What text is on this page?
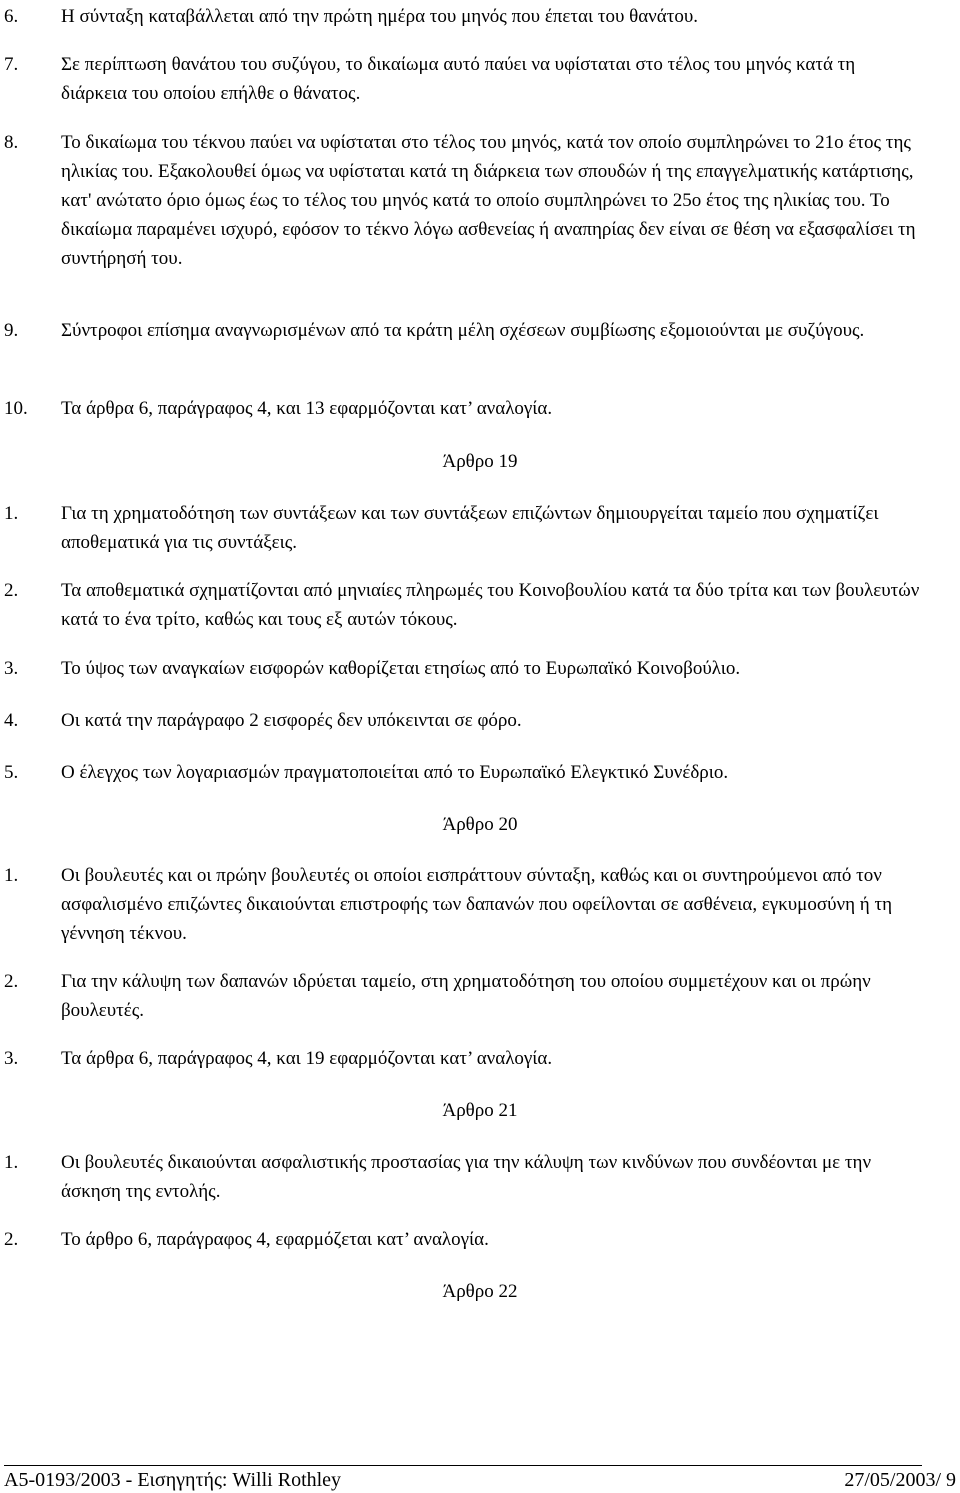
6. Η σύνταξη καταβάλλεται από την πρώτη ημέρα του μηνός που έπεται του θανάτου.
7. Σε περίπτωση θανάτου του συζύγου, το δικαίωμα αυτό παύει να υφίσταται στο τέλος του μηνός κατά τη διάρκεια του οποίου επήλθε ο θάνατος.
8. Το δικαίωμα του τέκνου παύει να υφίσταται στο τέλος του μηνός, κατά τον οποίο συμπληρώνει το 21ο έτος της ηλικίας του. Εξακολουθεί όμως να υφίσταται κατά τη διάρκεια των σπουδών ή της επαγγελματικής κατάρτισης, κατ' ανώτατο όριο όμως έως το τέλος του μηνός κατά το οποίο συμπληρώνει το 25ο έτος της ηλικίας του. Το δικαίωμα παραμένει ισχυρό, εφόσον το τέκνο λόγω ασθενείας ή αναπηρίας δεν είναι σε θέση να εξασφαλίσει τη συντήρησή του.
9. Σύντροφοι επίσημα αναγνωρισμένων από τα κράτη μέλη σχέσεων συμβίωσης εξομοιούνται με συζύγους.
10. Τα άρθρα 6, παράγραφος 4, και 13 εφαρμόζονται κατ’ αναλογία.
Άρθρο 19
1. Για τη χρηματοδότηση των συντάξεων και των συντάξεων επιζώντων δημιουργείται ταμείο που σχηματίζει αποθεματικά για τις συντάξεις.
2. Τα αποθεματικά σχηματίζονται από μηνιαίες πληρωμές του Κοινοβουλίου κατά τα δύο τρίτα και των βουλευτών κατά το ένα τρίτο, καθώς και τους εξ αυτών τόκους.
3. Το ύψος των αναγκαίων εισφορών καθορίζεται ετησίως από το Ευρωπαϊκό Κοινοβούλιο.
4. Οι κατά την παράγραφο 2 εισφορές δεν υπόκεινται σε φόρο.
5. Ο έλεγχος των λογαριασμών πραγματοποιείται από το Ευρωπαϊκό Ελεγκτικό Συνέδριο.
Άρθρο 20
1. Οι βουλευτές και οι πρώην βουλευτές οι οποίοι εισπράττουν σύνταξη, καθώς και οι συντηρούμενοι από τον ασφαλισμένο επιζώντες δικαιούνται επιστροφής των δαπανών που οφείλονται σε ασθένεια, εγκυμοσύνη ή τη γέννηση τέκνου.
2. Για την κάλυψη των δαπανών ιδρύεται ταμείο, στη χρηματοδότηση του οποίου συμμετέχουν και οι πρώην βουλευτές.
3. Τα άρθρα 6, παράγραφος 4, και 19 εφαρμόζονται κατ’ αναλογία.
Άρθρο 21
1. Οι βουλευτές δικαιούνται ασφαλιστικής προστασίας για την κάλυψη των κινδύνων που συνδέονται με την άσκηση της εντολής.
2. Το άρθρο 6, παράγραφος 4, εφαρμόζεται κατ’ αναλογία.
Άρθρο 22
A5-0193/2003 - Εισηγητής: Willi Rothley	27/05/2003/ 9
